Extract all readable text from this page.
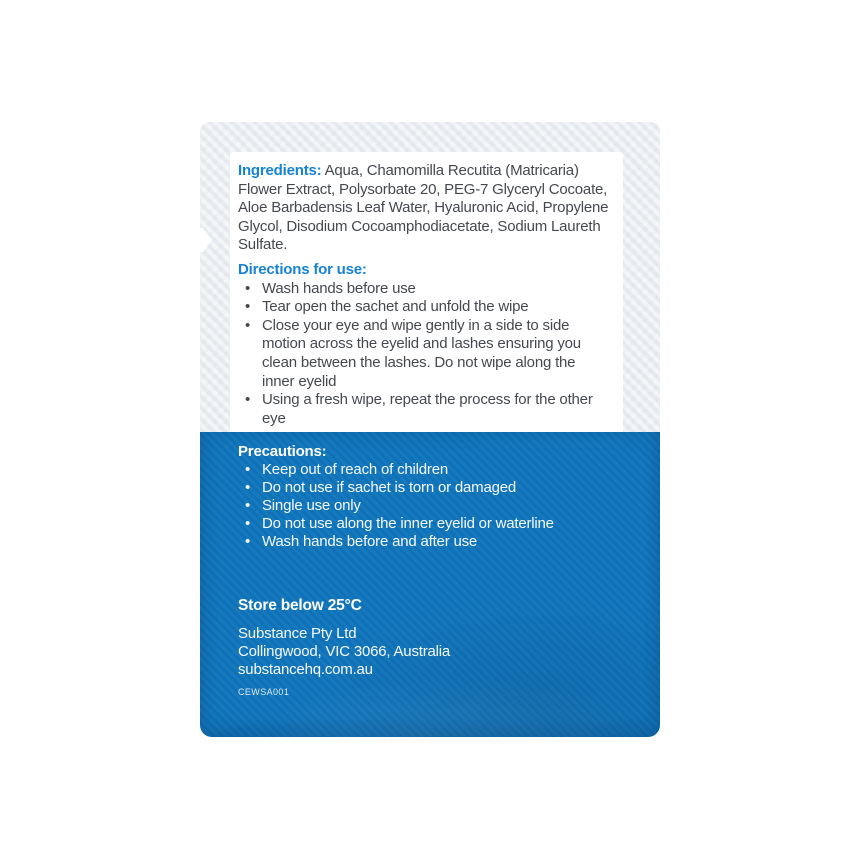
Ingredients: Aqua, Chamomilla Recutita (Matricaria) Flower Extract, Polysorbate 20, PEG-7 Glyceryl Cocoate, Aloe Barbadensis Leaf Water, Hyaluronic Acid, Propylene Glycol, Disodium Cocoamphodiacetate, Sodium Laureth Sulfate.

Directions for use:
• Wash hands before use
• Tear open the sachet and unfold the wipe
• Close your eye and wipe gently in a side to side motion across the eyelid and lashes ensuring you clean between the lashes. Do not wipe along the inner eyelid
• Using a fresh wipe, repeat the process for the other eye
Precautions:
• Keep out of reach of children
• Do not use if sachet is torn or damaged
• Single use only
• Do not use along the inner eyelid or waterline
• Wash hands before and after use

Store below 25°C

Substance Pty Ltd
Collingwood, VIC 3066, Australia
substancehq.com.au
CEWSA001
